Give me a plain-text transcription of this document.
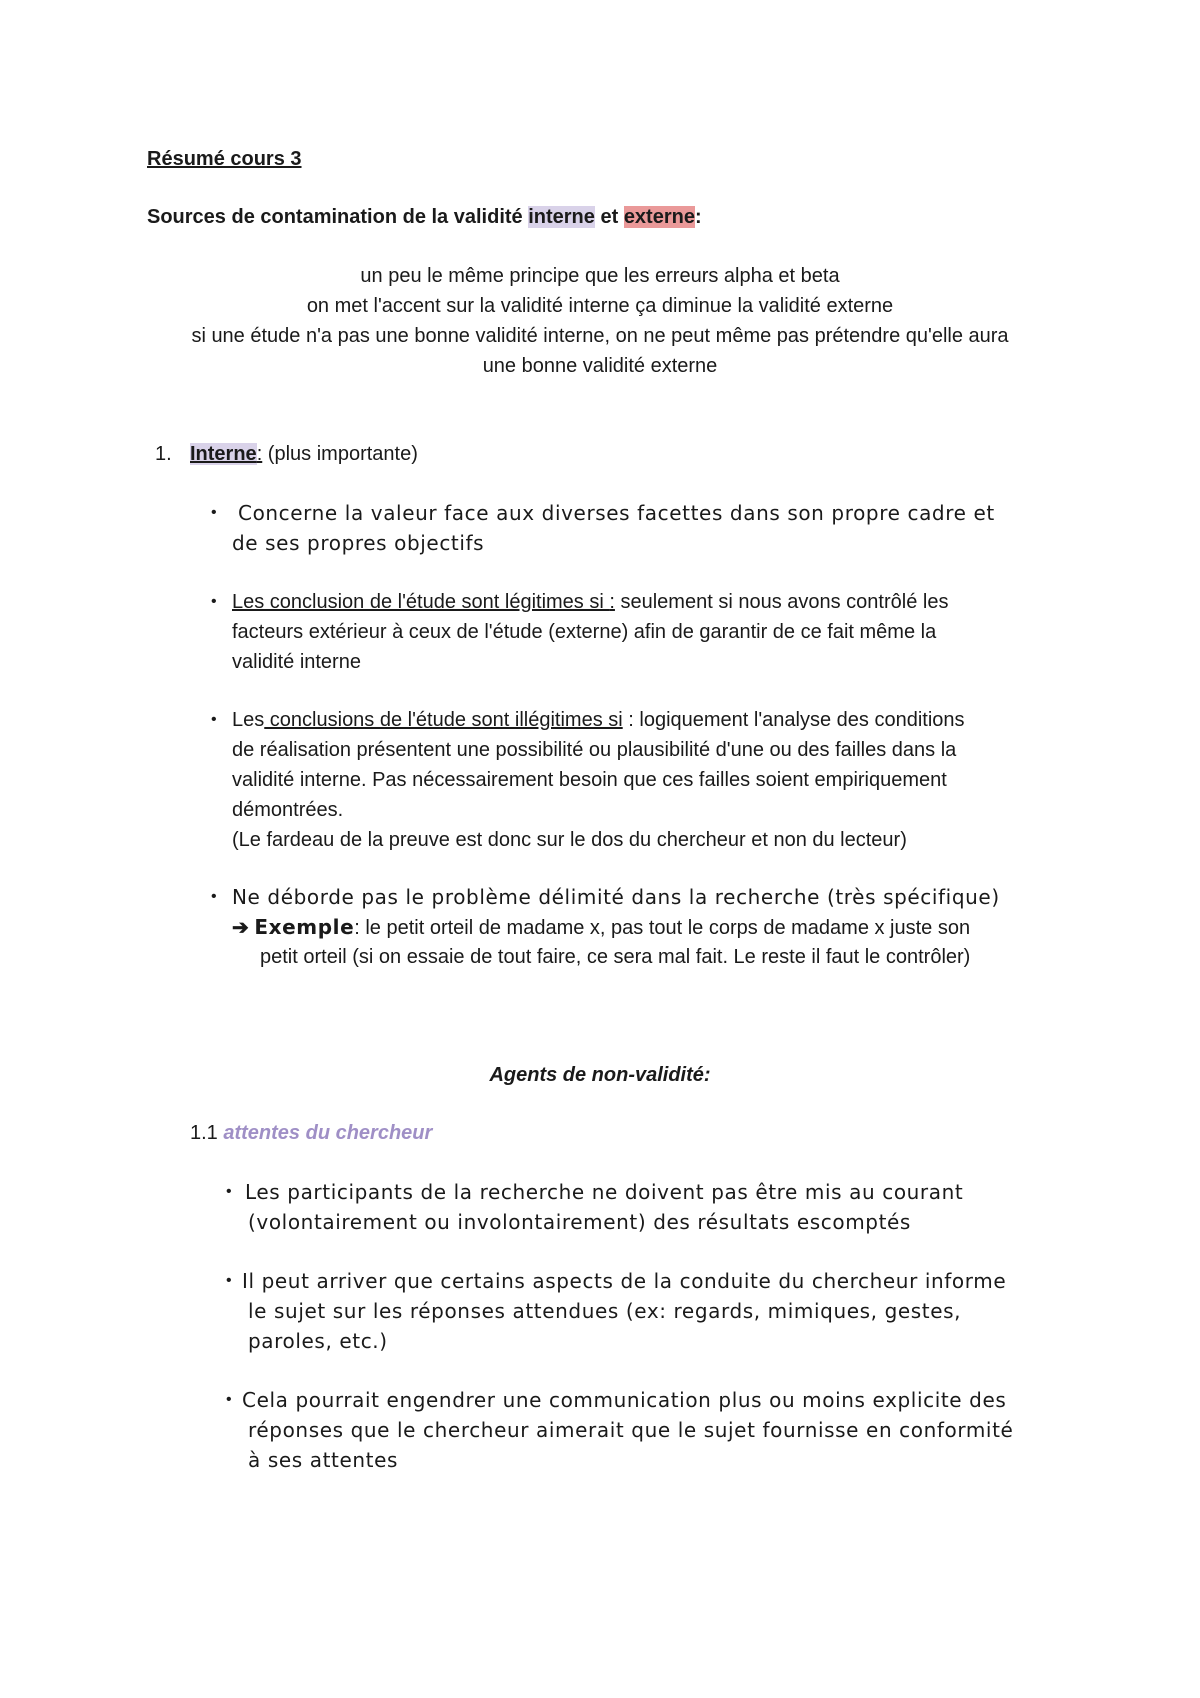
Résumé cours 3
Sources de contamination de la validité interne et externe:
un peu le même principe que les erreurs alpha et beta
on met l'accent sur la validité interne ça diminue la validité externe
si une étude n'a pas une bonne validité interne, on ne peut même pas prétendre qu'elle aura
une bonne validité externe
1. Interne: (plus importante)
• Concerne la valeur face aux diverses facettes dans son propre cadre et
de ses propres objectifs
• Les conclusion de l'étude sont légitimes si : seulement si nous avons contrôlé les
facteurs extérieur à ceux de l'étude (externe) afin de garantir de ce fait même la
validité interne
• Les conclusions de l'étude sont illégitimes si : logiquement l'analyse des conditions
de réalisation présentent une possibilité ou plausibilité d'une ou des failles dans la
validité interne. Pas nécessairement besoin que ces failles soient empiriquement
démontrées.
(Le fardeau de la preuve est donc sur le dos du chercheur et non du lecteur)
• Ne déborde pas le problème délimité dans la recherche (très spécifique)
➔ Exemple: le petit orteil de madame x, pas tout le corps de madame x juste son
petit orteil (si on essaie de tout faire, ce sera mal fait. Le reste il faut le contrôler)
Agents de non-validité:
1.1 attentes du chercheur
• Les participants de la recherche ne doivent pas être mis au courant
(volontairement ou involontairement) des résultats escomptés
• Il peut arriver que certains aspects de la conduite du chercheur informe
le sujet sur les réponses attendues (ex: regards, mimiques, gestes,
paroles, etc.)
• Cela pourrait engendrer une communication plus ou moins explicite des
réponses que le chercheur aimerait que le sujet fournisse en conformité
à ses attentes
